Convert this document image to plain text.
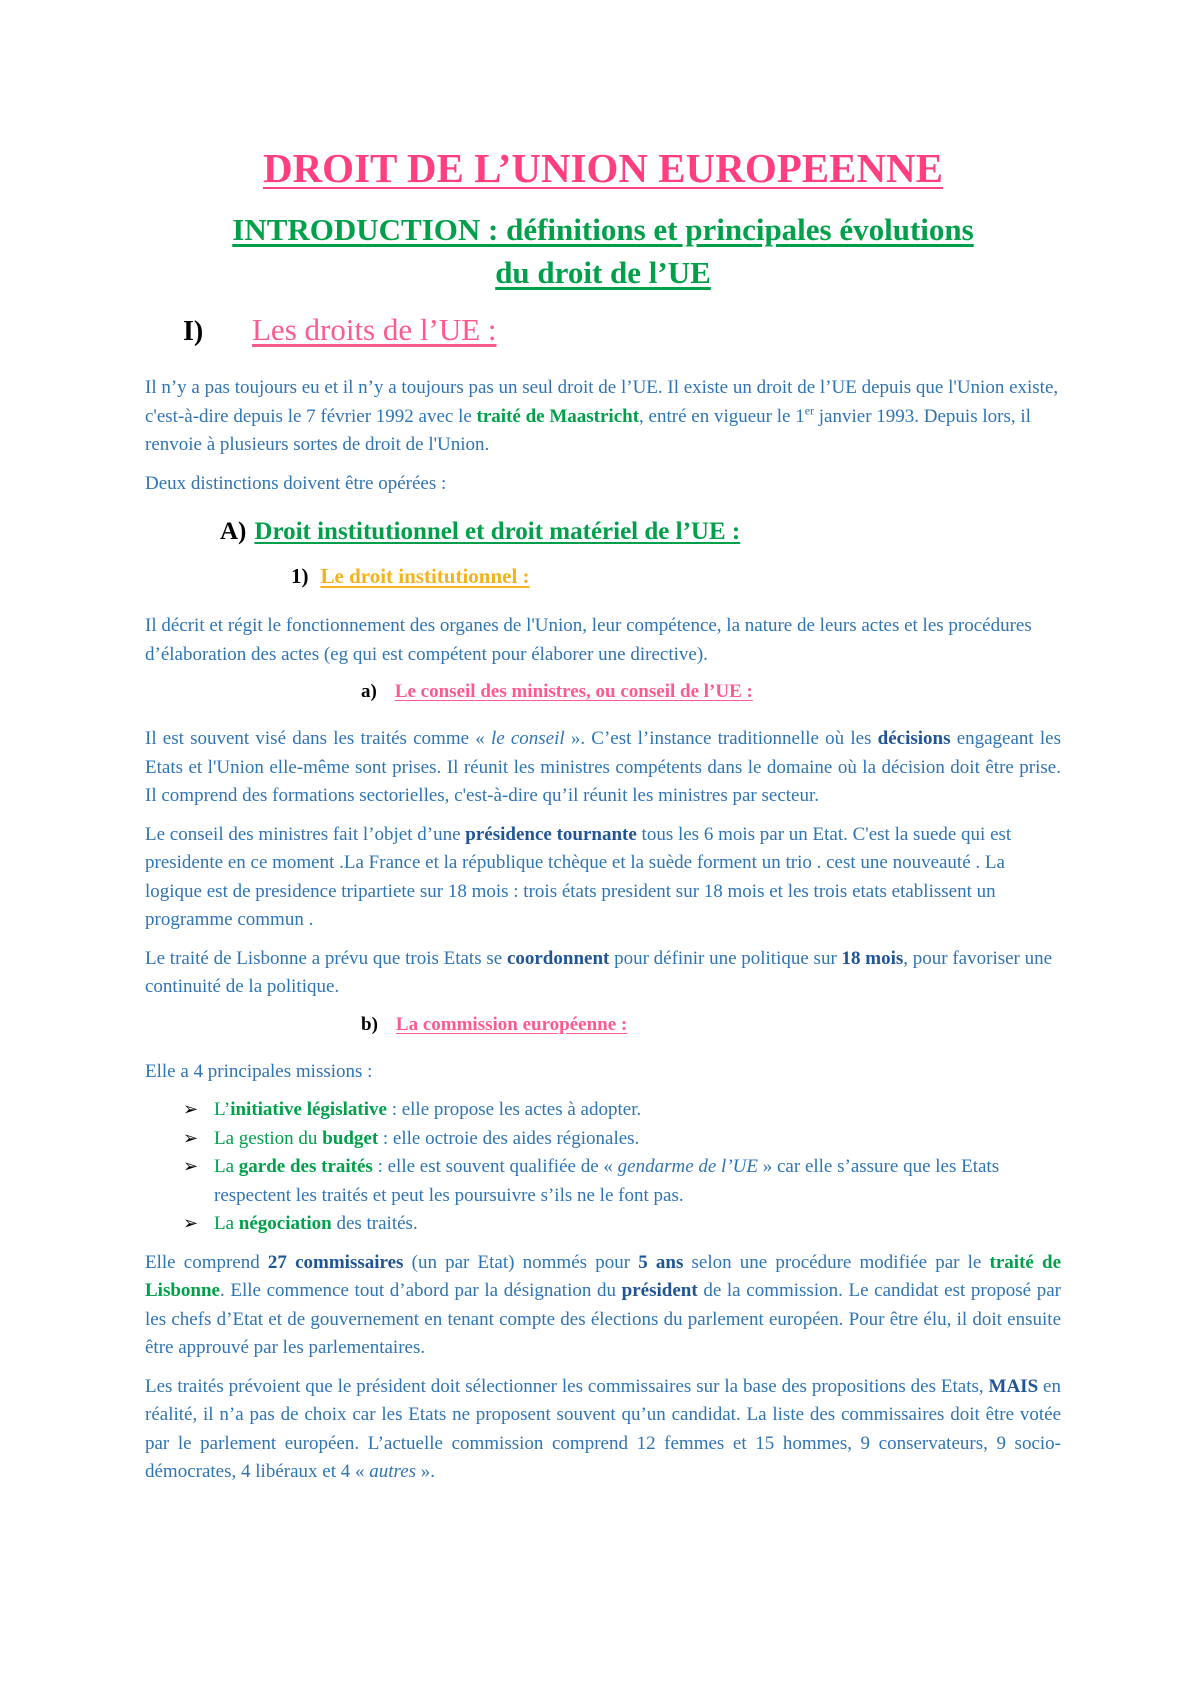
DROIT DE L’UNION EUROPEENNE
INTRODUCTION : définitions et principales évolutions
du droit de l’UE
I)	Les droits de l’UE :

Il n’y a pas toujours eu et il n’y a toujours pas un seul droit de l’UE. Il existe un droit de l’UE depuis que l'Union existe, c'est-à-dire depuis le 7 février 1992 avec le traité de Maastricht, entré en vigueur le 1er janvier 1993. Depuis lors, il renvoie à plusieurs sortes de droit de l'Union.

Deux distinctions doivent être opérées :

A) Droit institutionnel et droit matériel de l’UE :
1) Le droit institutionnel :

Il décrit et régit le fonctionnement des organes de l'Union, leur compétence, la nature de leurs actes et les procédures d’élaboration des actes (eg qui est compétent pour élaborer une directive).

a) Le conseil des ministres, ou conseil de l’UE :

Il est souvent visé dans les traités comme « le conseil ». C’est l’instance traditionnelle où les décisions engageant les Etats et l'Union elle-même sont prises. Il réunit les ministres compétents dans le domaine où la décision doit être prise. Il comprend des formations sectorielles, c'est-à-dire qu’il réunit les ministres par secteur.

Le conseil des ministres fait l’objet d’une présidence tournante tous les 6 mois par un Etat. C'est la suede qui est presidente en ce moment .La France et la république tchèque et la suède forment un trio . cest une nouveauté . La logique est de presidence tripartiete sur 18 mois : trois états president sur 18 mois et les trois etats etablissent un programme commun .

Le traité de Lisbonne a prévu que trois Etats se coordonnent pour définir une politique sur 18 mois, pour favoriser une continuité de la politique.

b) La commission européenne :

Elle a 4 principales missions :

➢ L’initiative législative : elle propose les actes à adopter.
➢ La gestion du budget : elle octroie des aides régionales.
➢ La garde des traités : elle est souvent qualifiée de « gendarme de l’UE » car elle s’assure que les Etats respectent les traités et peut les poursuivre s’ils ne le font pas.
➢ La négociation des traités.

Elle comprend 27 commissaires (un par Etat) nommés pour 5 ans selon une procédure modifiée par le traité de Lisbonne. Elle commence tout d’abord par la désignation du président de la commission. Le candidat est proposé par les chefs d’Etat et de gouvernement en tenant compte des élections du parlement européen. Pour être élu, il doit ensuite être approuvé par les parlementaires.

Les traités prévoient que le président doit sélectionner les commissaires sur la base des propositions des Etats, MAIS en réalité, il n’a pas de choix car les Etats ne proposent souvent qu’un candidat. La liste des commissaires doit être votée par le parlement européen. L’actuelle commission comprend 12 femmes et 15 hommes, 9 conservateurs, 9 socio-démocrates, 4 libéraux et 4 « autres ».
